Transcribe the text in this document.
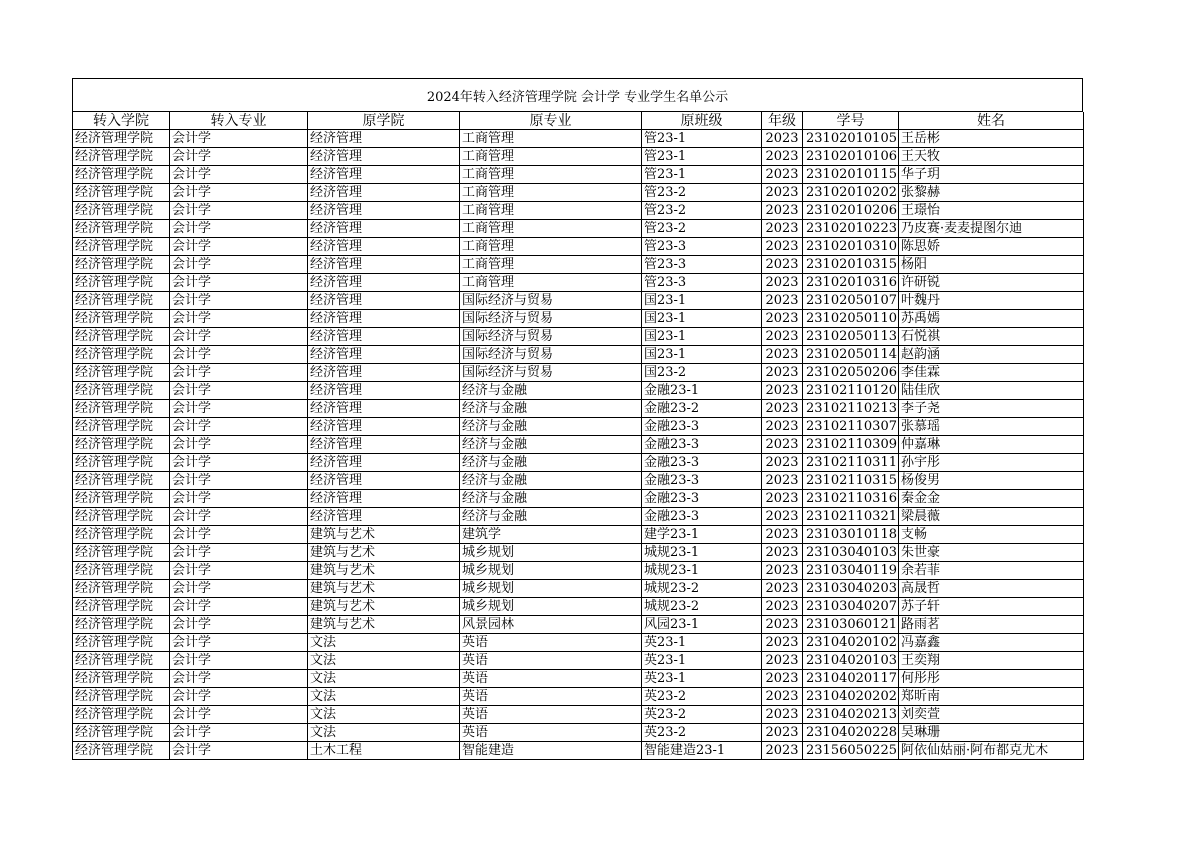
2024年转入经济管理学院 会计学 专业学生名单公示
转入学院	转入专业	原学院	原专业	原班级	年级	学号	姓名
经济管理学院	会计学	经济管理	工商管理	管23-1	2023	23102010105	王岳彬
经济管理学院	会计学	经济管理	工商管理	管23-1	2023	23102010106	王天牧
经济管理学院	会计学	经济管理	工商管理	管23-1	2023	23102010115	华子玥
经济管理学院	会计学	经济管理	工商管理	管23-2	2023	23102010202	张黎赫
经济管理学院	会计学	经济管理	工商管理	管23-2	2023	23102010206	王璟怡
经济管理学院	会计学	经济管理	工商管理	管23-2	2023	23102010223	乃皮赛·麦麦提图尔迪
经济管理学院	会计学	经济管理	工商管理	管23-3	2023	23102010310	陈思娇
经济管理学院	会计学	经济管理	工商管理	管23-3	2023	23102010315	杨阳
经济管理学院	会计学	经济管理	工商管理	管23-3	2023	23102010316	许研锐
经济管理学院	会计学	经济管理	国际经济与贸易	国23-1	2023	23102050107	叶魏丹
经济管理学院	会计学	经济管理	国际经济与贸易	国23-1	2023	23102050110	苏禹嫣
经济管理学院	会计学	经济管理	国际经济与贸易	国23-1	2023	23102050113	石悦祺
经济管理学院	会计学	经济管理	国际经济与贸易	国23-1	2023	23102050114	赵韵涵
经济管理学院	会计学	经济管理	国际经济与贸易	国23-2	2023	23102050206	李佳霖
经济管理学院	会计学	经济管理	经济与金融	金融23-1	2023	23102110120	陆佳欣
经济管理学院	会计学	经济管理	经济与金融	金融23-2	2023	23102110213	李子尧
经济管理学院	会计学	经济管理	经济与金融	金融23-3	2023	23102110307	张慕瑶
经济管理学院	会计学	经济管理	经济与金融	金融23-3	2023	23102110309	仲嘉琳
经济管理学院	会计学	经济管理	经济与金融	金融23-3	2023	23102110311	孙宇彤
经济管理学院	会计学	经济管理	经济与金融	金融23-3	2023	23102110315	杨俊男
经济管理学院	会计学	经济管理	经济与金融	金融23-3	2023	23102110316	秦金金
经济管理学院	会计学	经济管理	经济与金融	金融23-3	2023	23102110321	梁晨薇
经济管理学院	会计学	建筑与艺术	建筑学	建学23-1	2023	23103010118	支畅
经济管理学院	会计学	建筑与艺术	城乡规划	城规23-1	2023	23103040103	朱世豪
经济管理学院	会计学	建筑与艺术	城乡规划	城规23-1	2023	23103040119	余若菲
经济管理学院	会计学	建筑与艺术	城乡规划	城规23-2	2023	23103040203	高晟哲
经济管理学院	会计学	建筑与艺术	城乡规划	城规23-2	2023	23103040207	苏子轩
经济管理学院	会计学	建筑与艺术	风景园林	风园23-1	2023	23103060121	路雨茗
经济管理学院	会计学	文法	英语	英23-1	2023	23104020102	冯嘉鑫
经济管理学院	会计学	文法	英语	英23-1	2023	23104020103	王奕翔
经济管理学院	会计学	文法	英语	英23-1	2023	23104020117	何彤彤
经济管理学院	会计学	文法	英语	英23-2	2023	23104020202	郑昕南
经济管理学院	会计学	文法	英语	英23-2	2023	23104020213	刘奕萱
经济管理学院	会计学	文法	英语	英23-2	2023	23104020228	吴琳珊
经济管理学院	会计学	土木工程	智能建造	智能建造23-1	2023	23156050225	阿依仙姑丽·阿布都克尤木
